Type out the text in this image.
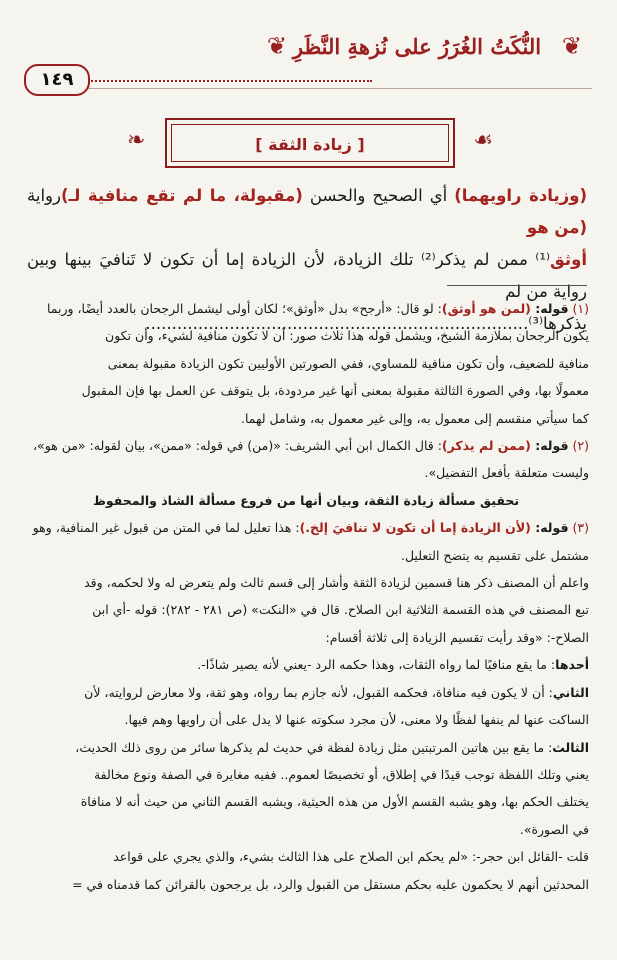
❦
النُّكَتُ الغُرَرُ على نُزهةِ النَّظَرِ
❦
١٤٩
[ زيادة الثقة ]
❧	☙
(وزيادة راويهما) أي الصحيح والحسن (مقبولة، ما لم تقع منافية لـ)رواية (من هو
أوثق⁽¹⁾ ممن لم يذكر⁽²⁾ تلك الزيادة، لأن الزيادة إما أن تكون لا تَنافيَ بينها وبين رواية من لم
يذكرها⁽³⁾.........................................................................
(١) قوله: (لمن هو أوثق): لو قال: «أرجح» بدل «أوثق»؛ لكان أولى ليشمل الرجحان بالعدد أيضًا، وربما
يكون الرجحان بملازمة الشيخ، ويشمل قوله هذا ثلاث صور: أن لا تكون منافية لشيء، وأن تكون
منافية للضعيف، وأن تكون منافية للمساوي، ففي الصورتين الأوليين تكون الزيادة مقبولة بمعنى
معمولًا بها، وفي الصورة الثالثة مقبولة بمعنى أنها غير مردودة، بل يتوقف عن العمل بها فإن المقبول
كما سيأتي منقسم إلى معمول به، وإلى غير معمول به، وشامل لهما.
(٢) قوله: (ممن لم يذكر): قال الكمال ابن أبي الشريف: «(من) في قوله: «ممن»، بيان لقوله: «من هو»،
وليست متعلقة بأفعل التفضيل».
تحقيق مسألة زيادة الثقة، وبيان أنها من فروع مسألة الشاذ والمحفوظ
(٣) قوله: (لأن الزيادة إما أن تكون لا تنافيَ إلخ.): هذا تعليل لما في المتن من قبول غير المنافية، وهو
مشتمل على تقسيم به يتضح التعليل.
واعلم أن المصنف ذكر هنا قسمين لزيادة الثقة وأشار إلى قسم ثالث ولم يتعرض له ولا لحكمه، وقد
تبع المصنف في هذه القسمة الثلاثية ابن الصلاح. قال في «النكت» (ص ٢٨١ - ٢٨٢): قوله -أي ابن
الصلاح-: «وقد رأيت تقسيم الزيادة إلى ثلاثة أقسام:
أحدها: ما يقع منافيًا لما رواه الثقات، وهذا حكمه الرد -يعني لأنه يصير شاذًا-.
الثاني: أن لا يكون فيه منافاة، فحكمه القبول، لأنه جازم بما رواه، وهو ثقة، ولا معارض لروايته، لأن
الساكت عنها لم ينفها لفظًا ولا معنى، لأن مجرد سكوته عنها لا يدل على أن راويها وهم فيها.
الثالث: ما يقع بين هاتين المرتبتين مثل زيادة لفظة في حديث لم يذكرها سائر من روى ذلك الحديث،
يعني وتلك اللفظة توجب قيدًا في إطلاق، أو تخصيصًا لعموم.. ففيه مغايرة في الصفة ونوع مخالفة
يختلف الحكم بها، وهو يشبه القسم الأول من هذه الحيثية، ويشبه القسم الثاني من حيث أنه لا منافاة
في الصورة».
قلت -القائل ابن حجر-: «لم يحكم ابن الصلاح على هذا الثالث بشيء، والذي يجري على قواعد
المحدثين أنهم لا يحكمون عليه بحكم مستقل من القبول والرد، بل يرجحون بالقرائن كما قدمناه في =
